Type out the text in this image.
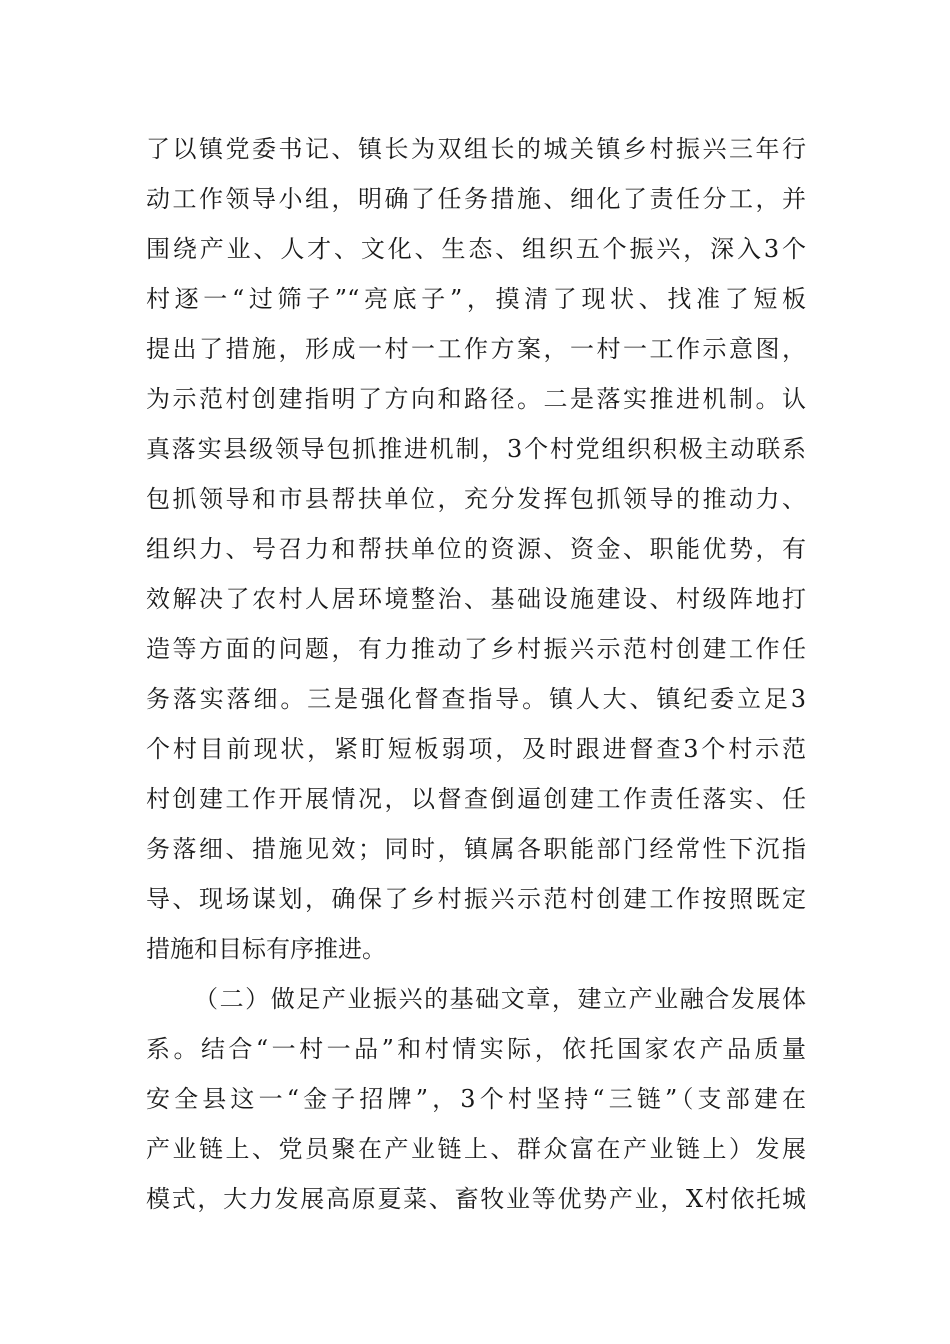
了以镇党委书记、镇长为双组长的城关镇乡村振兴三年行
动工作领导小组，明确了任务措施、细化了责任分工，并
围绕产业、人才、文化、生态、组织五个振兴，深入3个
村逐一“过筛子”“亮底子”，摸清了现状、找准了短板
提出了措施，形成一村一工作方案，一村一工作示意图，
为示范村创建指明了方向和路径。二是落实推进机制。认
真落实县级领导包抓推进机制，3个村党组织积极主动联系
包抓领导和市县帮扶单位，充分发挥包抓领导的推动力、
组织力、号召力和帮扶单位的资源、资金、职能优势，有
效解决了农村人居环境整治、基础设施建设、村级阵地打
造等方面的问题，有力推动了乡村振兴示范村创建工作任
务落实落细。三是强化督查指导。镇人大、镇纪委立足3
个村目前现状，紧盯短板弱项，及时跟进督查3个村示范
村创建工作开展情况，以督查倒逼创建工作责任落实、任
务落细、措施见效；同时，镇属各职能部门经常性下沉指
导、现场谋划，确保了乡村振兴示范村创建工作按照既定
措施和目标有序推进。
（二）做足产业振兴的基础文章，建立产业融合发展体
系。结合“一村一品”和村情实际，依托国家农产品质量
安全县这一“金子招牌”，3个村坚持“三链”（支部建在
产业链上、党员聚在产业链上、群众富在产业链上）发展
模式，大力发展高原夏菜、畜牧业等优势产业，X村依托城
